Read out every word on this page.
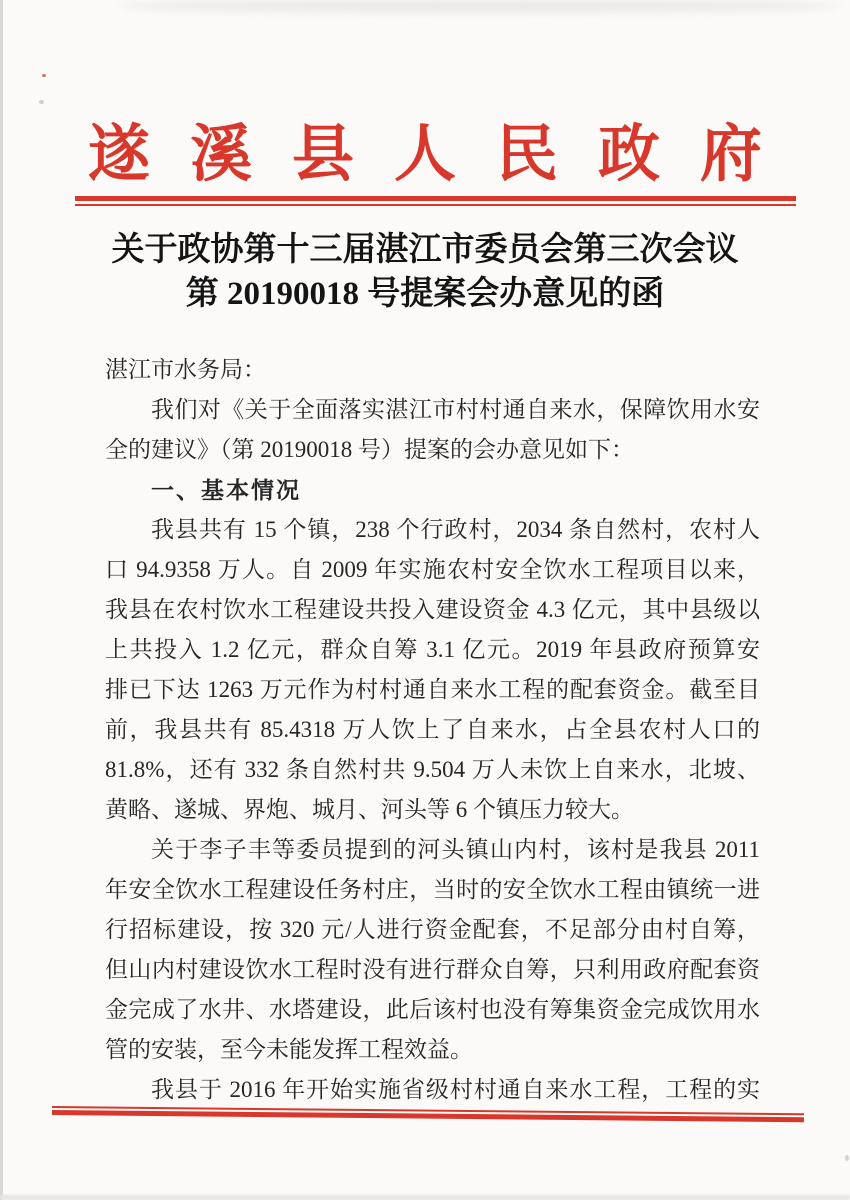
遂溪县人民政府
关于政协第十三届湛江市委员会第三次会议
第 20190018 号提案会办意见的函
湛江市水务局：
我们对《关于全面落实湛江市村村通自来水，保障饮用水安
全的建议》（第 20190018 号）提案的会办意见如下：
一、基本情况
我县共有 15 个镇，238 个行政村，2034 条自然村，农村人
口 94.9358 万人。自 2009 年实施农村安全饮水工程项目以来，
我县在农村饮水工程建设共投入建设资金 4.3 亿元，其中县级以
上共投入 1.2 亿元，群众自筹 3.1 亿元。2019 年县政府预算安
排已下达 1263 万元作为村村通自来水工程的配套资金。截至目
前，我县共有 85.4318 万人饮上了自来水，占全县农村人口的
81.8%，还有 332 条自然村共 9.504 万人未饮上自来水，北坡、
黄略、遂城、界炮、城月、河头等 6 个镇压力较大。
关于李子丰等委员提到的河头镇山内村，该村是我县 2011
年安全饮水工程建设任务村庄，当时的安全饮水工程由镇统一进
行招标建设，按 320 元/人进行资金配套，不足部分由村自筹，
但山内村建设饮水工程时没有进行群众自筹，只利用政府配套资
金完成了水井、水塔建设，此后该村也没有筹集资金完成饮用水
管的安装，至今未能发挥工程效益。
我县于 2016 年开始实施省级村村通自来水工程，工程的实
